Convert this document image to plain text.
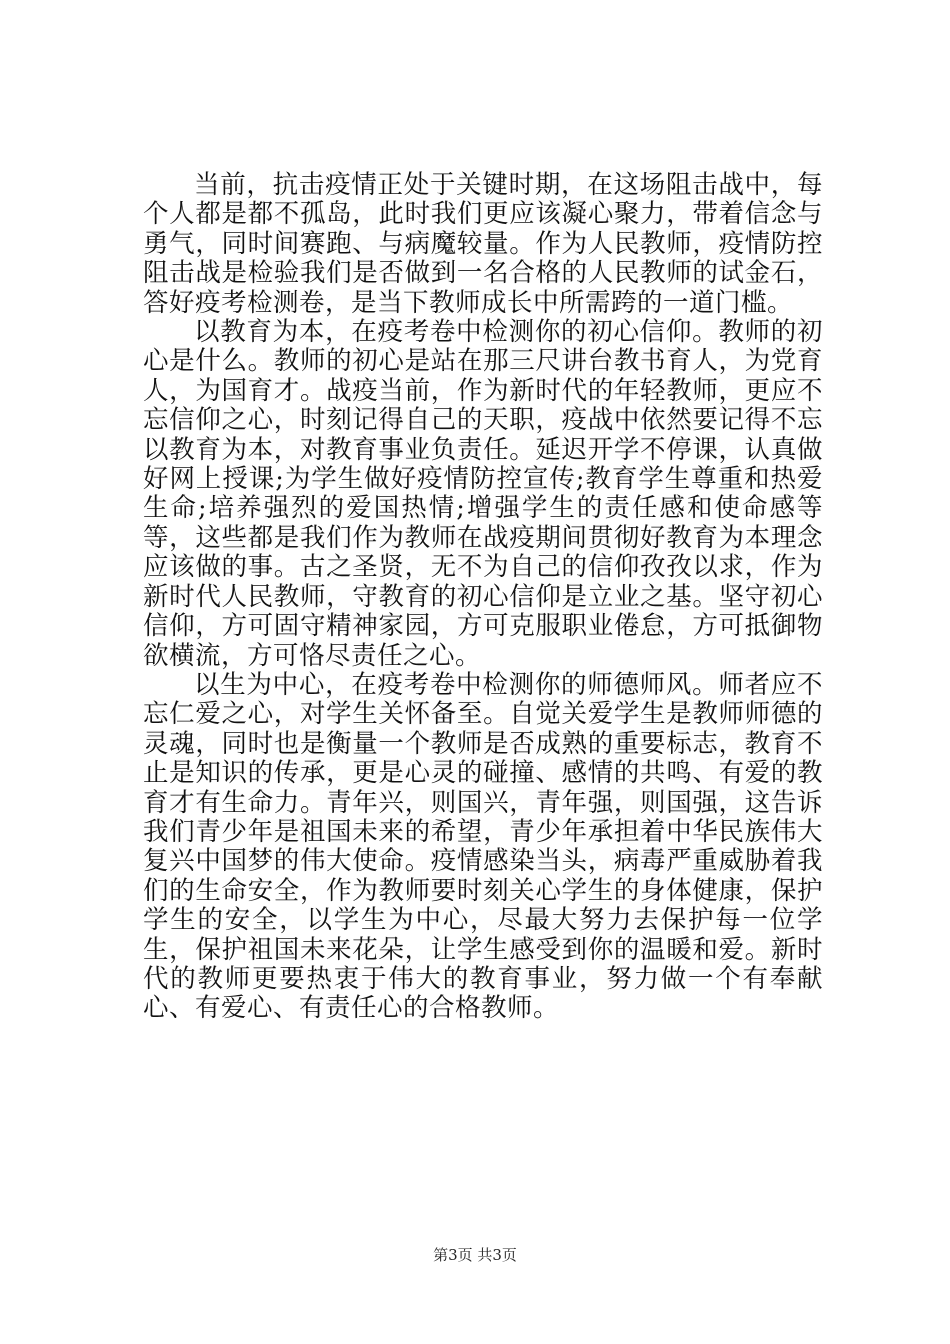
当前，抗击疫情正处于关键时期，在这场阻击战中，每个人都是都不孤岛，此时我们更应该凝心聚力，带着信念与勇气，同时间赛跑、与病魔较量。作为人民教师，疫情防控阻击战是检验我们是否做到一名合格的人民教师的试金石，答好疫考检测卷，是当下教师成长中所需跨的一道门槛。

以教育为本，在疫考卷中检测你的初心信仰。教师的初心是什么。教师的初心是站在那三尺讲台教书育人，为党育人，为国育才。战疫当前，作为新时代的年轻教师，更应不忘信仰之心，时刻记得自己的天职，疫战中依然要记得不忘以教育为本，对教育事业负责任。延迟开学不停课，认真做好网上授课;为学生做好疫情防控宣传;教育学生尊重和热爱生命;培养强烈的爱国热情;增强学生的责任感和使命感等等，这些都是我们作为教师在战疫期间贯彻好教育为本理念应该做的事。古之圣贤，无不为自己的信仰孜孜以求，作为新时代人民教师，守教育的初心信仰是立业之基。坚守初心信仰，方可固守精神家园，方可克服职业倦怠，方可抵御物欲横流，方可恪尽责任之心。

以生为中心，在疫考卷中检测你的师德师风。师者应不忘仁爱之心，对学生关怀备至。自觉关爱学生是教师师德的灵魂，同时也是衡量一个教师是否成熟的重要标志，教育不止是知识的传承，更是心灵的碰撞、感情的共鸣、有爱的教育才有生命力。青年兴，则国兴，青年强，则国强，这告诉我们青少年是祖国未来的希望，青少年承担着中华民族伟大复兴中国梦的伟大使命。疫情感染当头，病毒严重威胁着我们的生命安全，作为教师要时刻关心学生的身体健康，保护学生的安全，以学生为中心，尽最大努力去保护每一位学生，保护祖国未来花朵，让学生感受到你的温暖和爱。新时代的教师更要热衷于伟大的教育事业，努力做一个有奉献心、有爱心、有责任心的合格教师。

第3页 共3页
